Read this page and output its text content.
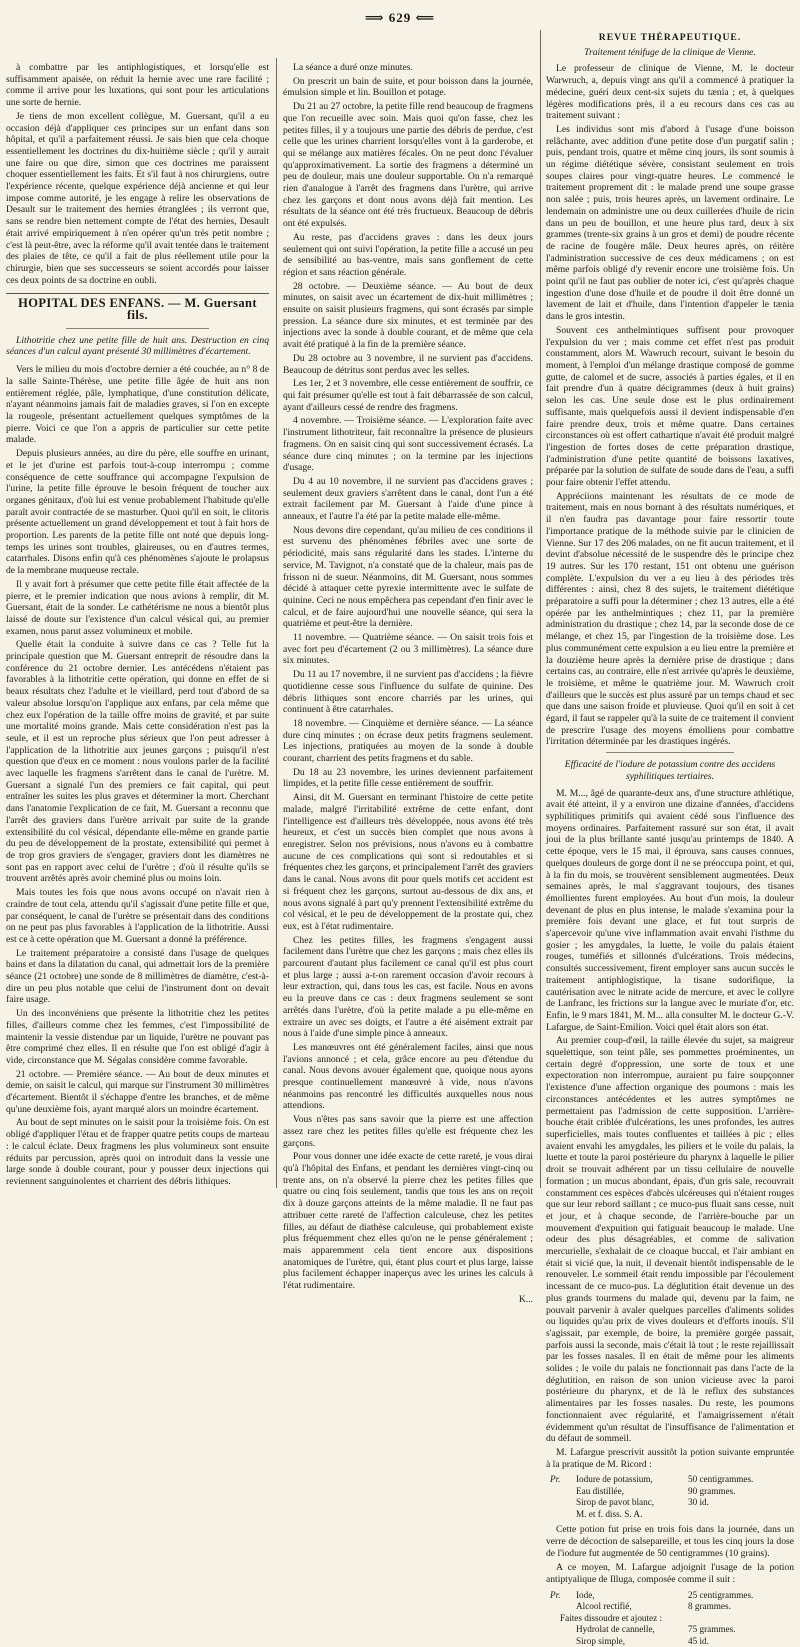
⟹ 629 ⟸

à combattre par les antiphlogistiques, et lorsqu'elle est suffisamment apaisée, on réduit la hernie avec une rare facilité ; comme il arrive pour les luxations, qui sont pour les articulations une sorte de hernie.

Je tiens de mon excellent collègue, M. Guersant, qu'il a eu occasion déjà d'appliquer ces principes sur un enfant dans son hôpital, et qu'il a parfaitement réussi. Je sais bien que cela choque essentiellement les doctrines du dix-huitième siècle ; qu'il y aurait une faire ou que dire, simon que ces doctrines me paraissent choquer essentiellement les faits. Et s'il faut à nos chirurgiens, outre l'expérience récente, quelque expérience déjà ancienne et qui leur impose comme autorité, je les engage à relire les observations de Desault sur le traitement des hernies étranglées ; ils verront que, sans se rendre bien nettement compte de l'état des hernies, Desault était arrivé empiriquement à n'en opérer qu'un très petit nombre ; c'est là peut-être, avec la réforme qu'il avait tentée dans le traitement des plaies de tête, ce qu'il a fait de plus réellement utile pour la chirurgie, bien que ses successeurs se soient accordés pour laisser ces deux points de sa doctrine en oubli.

HOPITAL DES ENFANS. — M. Guersant fils.

Lithotritie chez une petite fille de huit ans. Destruction en cinq séances d'un calcul ayant présenté 30 millimètres d'écartement.

Vers le milieu du mois d'octobre dernier a été couchée, au n° 8 de la salle Sainte-Thérèse, une petite fille âgée de huit ans non entièrement réglée, pâle, lymphatique, d'une constitution délicate, n'ayant néanmoins jamais fait de maladies graves, si l'on en excepte la rougeole, présentant actuellement quelques symptômes de la pierre. Voici ce que l'on a appris de particulier sur cette petite malade.

Depuis plusieurs années, au dire du père, elle souffre en urinant, et le jet d'urine est parfois tout-à-coup interrompu ; comme conséquence de cette souffrance qui accompagne l'expulsion de l'urine, la petite fille éprouve le besoin fréquent de toucher aux organes génitaux, d'où lui est venue probablement l'habitude qu'elle paraît avoir contractée de se masturber. Quoi qu'il en soit, le clitoris présente actuellement un grand développement et tout à fait hors de proportion. Les parents de la petite fille ont noté que depuis long-temps les urines sont troubles, glaireuses, ou en d'autres termes, catarrhales. Disons enfin qu'à ces phénomènes s'ajoute le prolapsus de la membrane muqueuse rectale.

Il y avait fort à présumer que cette petite fille était affectée de la pierre, et le premier indication que nous avions à remplir, dit M. Guersant, était de la sonder. Le cathétérisme ne nous a bientôt plus laissé de doute sur l'existence d'un calcul vésical qui, au premier examen, nous parut assez volumineux et mobile.

Quelle était la conduite à suivre dans ce cas ? Telle fut la principale question que M. Guersant entreprit de résoudre dans la conférence du 21 octobre dernier. Les antécédens n'étaient pas favorables à la lithotritie cette opération, qui donne en effet de si beaux résultats chez l'adulte et le vieillard, perd tout d'abord de sa valeur absolue lorsqu'on l'applique aux enfans, par cela même que chez eux l'opération de la taille offre moins de gravité, et par suite une mortalité moins grande. Mais cette considération n'est pas la seule, et il est un reproche plus sérieux que l'on peut adresser à l'application de la lithotritie aux jeunes garçons ; puisqu'il n'est question que d'eux en ce moment : nous voulons parler de la facilité avec laquelle les fragmens s'arrêtent dans le canal de l'urètre. M. Guersant a signalé l'un des premiers ce fait capital, qui peut entraîner les suites les plus graves et déterminer la mort. Cherchant dans l'anatomie l'explication de ce fait, M. Guersant a reconnu que l'arrêt des graviers dans l'urètre arrivait par suite de la grande extensibilité du col vésical, dépendante elle-même en grande partie du peu de développement de la prostate, extensibilité qui permet à de trop gros graviers de s'engager, graviers dont les diamètres ne sont pas en rapport avec celui de l'urètre ; d'où il résulte qu'ils se trouvent arrêtés après avoir cheminé plus ou moins loin.

Mais toutes les fois que nous avons occupé on n'avait rien à craindre de tout cela, attendu qu'il s'agissait d'une petite fille et que, par conséquent, le canal de l'urètre se présentait dans des conditions on ne peut pas plus favorables à l'application de la lithotritie. Aussi est ce à cette opération que M. Guersant a donné la préférence.

Le traitement préparatoire a consisté dans l'usage de quelques bains et dans la dilatation du canal, qui admettait lors de la première séance (21 octobre) une sonde de 8 millimètres de diamètre, c'est-à-dire un peu plus notable que celui de l'instrument dont on devait faire usage.

Un des inconvéniens que présente la lithotritie chez les petites filles, d'ailleurs comme chez les femmes, c'est l'impossibilité de maintenir la vessie distendue par un liquide, l'urètre ne pouvant pas être comprimé chez elles. Il en résulte que l'on est obligé d'agir à vide, circonstance que M. Ségalas considère comme favorable.

21 octobre. — Première séance. — Au bout de deux minutes et demie, on saisit le calcul, qui marque sur l'instrument 30 millimètres d'écartement. Bientôt il s'échappe d'entre les branches, et de même qu'une deuxième fois, ayant marqué alors un moindre écartement.

Au bout de sept minutes on le saisit pour la troisième fois. On est obligé d'appliquer l'étau et de frapper quatre petits coups de marteau : le calcul éclate. Deux fragmens les plus volumineux sont ensuite réduits par percussion, après quoi on introduit dans la vessie une large sonde à double courant, pour y pousser deux injections qui reviennent sanguinolentes et charrient des débris lithiques.

La séance a duré onze minutes.

On prescrit un bain de suite, et pour boisson dans la journée, émulsion simple et lin. Bouillon et potage.

Du 21 au 27 octobre, la petite fille rend beaucoup de fragmens que l'on recueille avec soin. Mais quoi qu'on fasse, chez les petites filles, il y a toujours une partie des débris de perdue, c'est celle que les urines charrient lorsqu'elles vont à la garderobe, et qui se mélange aux matières fécales. On ne peut donc l'évaluer qu'approximativement. La sortie des fragmens a déterminé un peu de douleur, mais une douleur supportable. On n'a remarqué rien d'analogue à l'arrêt des fragmens dans l'urètre, qui arrive chez les garçons et dont nous avons déjà fait mention. Les résultats de la séance ont été très fructueux. Beaucoup de débris ont été expulsés.

Au reste, pas d'accidens graves : dans les deux jours seulement qui ont suivi l'opération, la petite fille a accusé un peu de sensibilité au bas-ventre, mais sans gonflement de cette région et sans réaction générale.

28 octobre. — Deuxième séance. — Au bout de deux minutes, on saisit avec un écartement de dix-huit millimètres ; ensuite on saisit plusieurs fragmens, qui sont écrasés par simple pression. La séance dure six minutes, et est terminée par des injections avec la sonde à double courant, et de même que cela avait été pratiqué à la fin de la première séance.

Du 28 octobre au 3 novembre, il ne survient pas d'accidens. Beaucoup de détritus sont perdus avec les selles.

Les 1er, 2 et 3 novembre, elle cesse entièrement de souffrir, ce qui fait présumer qu'elle est tout à fait débarrassée de son calcul, ayant d'ailleurs cessé de rendre des fragmens.

4 novembre. — Troisième séance. — L'exploration faite avec l'instrument lithotriteur, fait reconnaître la présence de plusieurs fragmens. On en saisit cinq qui sont successivement écrasés. La séance dure cinq minutes ; on la termine par les injections d'usage.

Du 4 au 10 novembre, il ne survient pas d'accidens graves ; seulement deux graviers s'arrêtent dans le canal, dont l'un a été extrait facilement par M. Guersant à l'aide d'une pince à anneaux, et l'autre l'a été par la petite malade elle-même.

Nous devons dire cependant, qu'au milieu de ces conditions il est survenu des phénomènes fébriles avec une sorte de périodicité, mais sans régularité dans les stades. L'interne du service, M. Tavignot, n'a constaté que de la chaleur, mais pas de frisson ni de sueur. Néanmoins, dit M. Guersant, nous sommes décidé à attaquer cette pyrexie intermittente avec le sulfate de quinine. Ceci ne nous empêchera pas cependant d'en finir avec le calcul, et de faire aujourd'hui une nouvelle séance, qui sera la quatrième et peut-être la dernière.

11 novembre. — Quatrième séance. — On saisit trois fois et avec fort peu d'écartement (2 ou 3 millimètres). La séance dure six minutes.

Du 11 au 17 novembre, il ne survient pas d'accidens ; la fièvre quotidienne cesse sous l'influence du sulfate de quinine. Des débris lithiques sont encore charriés par les urines, qui continuent à être catarrhales.

18 novembre. — Cinquième et dernière séance. — La séance dure cinq minutes ; on écrase deux petits fragmens seulement. Les injections, pratiquées au moyen de la sonde à double courant, charrient des petits fragmens et du sable.

Du 18 au 23 novembre, les urines deviennent parfaitement limpides, et la petite fille cesse entièrement de souffrir.

Ainsi, dit M. Guersant en terminant l'histoire de cette petite malade, malgré l'irritabilité extrême de cette enfant, dont l'intelligence est d'ailleurs très développée, nous avons été très heureux, et c'est un succès bien complet que nous avons à enregistrer. Selon nos prévisions, nous n'avons eu à combattre aucune de ces complications qui sont si redoutables et si fréquentes chez les garçons, et principalement l'arrêt des graviers dans le canal. Nous avons dit pour quels motifs cet accident est si fréquent chez les garçons, surtout au-dessous de dix ans, et nous avons signalé à part qu'y prennent l'extensibilité extrême du col vésical, et le peu de développement de la prostate qui, chez eux, est à l'état rudimentaire.

Chez les petites filles, les fragmens s'engagent aussi facilement dans l'urètre que chez les garçons ; mais chez elles ils parcourent d'autant plus facilement ce canal qu'il est plus court et plus large ; aussi a-t-on rarement occasion d'avoir recours à leur extraction, qui, dans tous les cas, est facile. Nous en avons eu la preuve dans ce cas : deux fragmens seulement se sont arrêtés dans l'urètre, d'où la petite malade a pu elle-même en extraire un avec ses doigts, et l'autre a été aisément extrait par nous à l'aide d'une simple pince à anneaux.

Les manœuvres ont été généralement faciles, ainsi que nous l'avions annoncé ; et cela, grâce encore au peu d'étendue du canal. Nous devons avouer également que, quoique nous ayons presque continuellement manœuvré à vide, nous n'avons néanmoins pas rencontré les difficultés auxquelles nous nous attendions.

Vous n'êtes pas sans savoir que la pierre est une affection assez rare chez les petites filles qu'elle est fréquente chez les garçons.

Pour vous donner une idée exacte de cette rareté, je vous dirai qu'à l'hôpital des Enfans, et pendant les dernières vingt-cinq ou trente ans, on n'a observé la pierre chez les petites filles que quatre ou cinq fois seulement, tandis que tous les ans on reçoit dix à douze garçons atteints de la même maladie. Il ne faut pas attribuer cette rareté de l'affection calculeuse, chez les petites filles, au défaut de diathèse calculeuse, qui probablement existe plus fréquemment chez elles qu'on ne le pense généralement ; mais apparemment cela tient encore aux dispositions anatomiques de l'urètre, qui, étant plus court et plus large, laisse plus facilement échapper inaperçus avec les urines les calculs à l'état rudimentaire.

K...

REVUE THÉRAPEUTIQUE.
Traitement ténifuge de la clinique de Vienne.

Le professeur de clinique de Vienne, M. le docteur Warwruch, a, depuis vingt ans qu'il a commencé à pratiquer la médecine, guéri deux cent-six sujets du tænia ; et, à quelques légères modifications près, il a eu recours dans ces cas au traitement suivant :

Les individus sont mis d'abord à l'usage d'une boisson relâchante, avec addition d'une petite dose d'un purgatif salin ; puis, pendant trois, quatre et même cinq jours, ils sont soumis à un régime diététique sévère, consistant seulement en trois soupes claires pour vingt-quatre heures. Le commencé le traitement proprement dit : le malade prend une soupe grasse non salée ; puis, trois heures après, un lavement ordinaire. Le lendemain on administre une ou deux cuillerées d'huile de ricin dans un peu de bouillon, et une heure plus tard, deux à six grammes (trente-six grains à un gros et demi) de poudre récente de racine de fougère mâle. Deux heures après, on réitère l'administration successive de ces deux médicamens ; on est même parfois obligé d'y revenir encore une troisième fois. Un point qu'il ne faut pas oublier de noter ici, c'est qu'après chaque ingestion d'une dose d'huile et de poudre il doit être donné un lavement de lait et d'huile, dans l'intention d'appeler le tænia dans le gros intestin.

Souvent ces anthelmintiques suffisent pour provoquer l'expulsion du ver ; mais comme cet effet n'est pas produit constamment, alors M. Wawruch recourt, suivant le besoin du moment, à l'emploi d'un mélange drastique composé de gomme gutte, de calomel et de sucre, associés à parties égales, et il en fait prendre d'un à quatre décigrammes (deux à huit grains) selon les cas. Une seule dose est le plus ordinairement suffisante, mais quelquefois aussi il devient indispensable d'en faire prendre deux, trois et même quatre. Dans certaines circonstances où est offert cathartique n'avait été produit malgré l'ingestion de fortes doses de cette préparation drastique, l'administration d'une petite quantité de boissons laxatives, préparée par la solution de sulfate de soude dans de l'eau, a suffi pour faire obtenir l'effet attendu.

Appréciions maintenant les résultats de ce mode de traitement, mais en nous bornant à des résultats numériques, et il n'en faudra pas davantage pour faire ressortir toute l'importance pratique de la méthode suivie par le clinicien de Vienne. Sur 17 des 206 malades, on ne fit aucun traitement, et il devint d'absolue nécessité de le suspendre dès le principe chez 19 autres. Sur les 170 restant, 151 ont obtenu une guérison complète. L'expulsion du ver a eu lieu à des périodes très différentes : ainsi, chez 8 des sujets, le traitement diététique préparatoire a suffi pour la déterminer ; chez 13 autres, elle a été opérée par les anthelmintiques ; chez 11, par la première administration du drastique ; chez 14, par la seconde dose de ce mélange, et chez 15, par l'ingestion de la troisième dose. Les plus communément cette expulsion a eu lieu entre la première et la douzième heure après la dernière prise de drastique ; dans certains cas, au contraire, elle n'est arrivée qu'après le deuxième, le troisième, et même le quatrième jour. M. Wawruch croit d'ailleurs que le succès est plus assuré par un temps chaud et sec que dans une saison froide et pluvieuse. Quoi qu'il en soit à cet égard, il faut se rappeler qu'à la suite de ce traitement il convient de prescrire l'usage des moyens émolliens pour combattre l'irritation déterminée par les drastiques ingérés.

Efficacité de l'iodure de potassium contre des accidens syphilitiques tertiaires.

M. M..., âgé de quarante-deux ans, d'une structure athlétique, avait été atteint, il y a environ une dizaine d'années, d'accidens syphilitiques primitifs qui avaient cédé sous l'influence des moyens ordinaires. Parfaitement rassuré sur son état, il avait joui de la plus brillante santé jusqu'au printemps de 1840. A cette époque, vers le 15 mai, il éprouva, sans causes connues, quelques douleurs de gorge dont il ne se préoccupa point, et qui, à la fin du mois, se trouvèrent sensiblement augmentées. Deux semaines après, le mal s'aggravant toujours, des tisanes émollientes furent employées. Au bout d'un mois, la douleur devenant de plus en plus intense, le malade s'examina pour la première fois devant une glace, et fut tout surpris de s'apercevoir qu'une vive inflammation avait envahi l'isthme du gosier ; les amygdales, la luette, le voile du palais étaient rouges, tuméfiés et sillonnés d'ulcérations. Trois médecins, consultés successivement, firent employer sans aucun succès le traitement antiphlogistique, la tisane sudorifique, la cautérisation avec le nitrate acide de mercure, et avec le collyre de Lanfranc, les frictions sur la langue avec le muriate d'or, etc. Enfin, le 9 mars 1841, M. M... alla consulter M. le docteur G.-V. Lafargue, de Saint-Emilion. Voici quel était alors son état.

Au premier coup-d'œil, la taille élevée du sujet, sa maigreur squelettique, son teint pâle, ses pommettes proéminentes, un certain degré d'oppression, une sorte de toux et une expectoration non interrompue, auraient pu faire soupçonner l'existence d'une affection organique des poumons : mais les circonstances antécédentes et les autres symptômes ne permettaient pas l'admission de cette supposition. L'arrière-bouche était criblée d'ulcérations, les unes profondes, les autres superficielles, mais toutes confluentes et taillées à pic ; elles avaient envahi les amygdales, les piliers et le voile du palais, la luette et toute la paroi postérieure du pharynx à laquelle le pilier droit se trouvait adhérent par un tissu cellulaire de nouvelle formation ; un mucus abondant, épais, d'un gris sale, recouvrait constamment ces espèces d'abcès ulcéreuses qui n'étaient rouges que sur leur rebord saillant ; ce muco-pus fluait sans cesse, nuit et jour, et à chaque seconde, de l'arrière-bouche par un mouvement d'expuition qui fatiguait beaucoup le malade. Une odeur des plus désagréables, et comme de salivation mercurielle, s'exhalait de ce cloaque buccal, et l'air ambiant en était si vicié que, la nuit, il devenait bientôt indispensable de le renouveler. Le sommeil était rendu impossible par l'écoulement incessant de ce muco-pus. La déglutition était devenue un des plus grands tourmens du malade qui, devenu par la faim, ne pouvait parvenir à avaler quelques parcelles d'aliments solides ou liquides qu'au prix de vives douleurs et d'efforts inouïs. S'il s'agissait, par exemple, de boire, la première gorgée passait, parfois aussi la seconde, mais c'était là tout ; le reste rejaillissait par les fosses nasales. Il en était de même pour les aliments solides ; le voile du palais ne fonctionnait pas dans l'acte de la déglutition, en raison de son union vicieuse avec la paroi postérieure du pharynx, et de là le reflux des substances alimentaires par les fosses nasales. Du reste, les poumons fonctionnaient avec régularité, et l'amaigrissement n'était évidemment qu'un résultat de l'insuffisance de l'alimentation et du défaut de sommeil.

M. Lafargue prescrivit aussitôt la potion suivante empruntée à la pratique de M. Ricord :

Pr.	Iodure de potassium,	50 centigrammes.
Eau distillée,	90 grammes.
Sirop de pavot blanc,	30 id.
M. et f. diss. S. A.

Cette potion fut prise en trois fois dans la journée, dans un verre de décoction de salsepareille, et tous les cinq jours la dose de l'iodure fut augmentée de 50 centigrammes (10 grains).

A ce moyen, M. Lafargue adjoignit l'usage de la potion antiptyalique de Illuga, composée comme il suit :

Pr.	Iode,	25 centigrammes.
Alcool rectifié,	8 grammes.
Faites dissoudre et ajoutez :
Hydrolat de cannelle,	75 grammes.
Sirop simple,	45 id.
